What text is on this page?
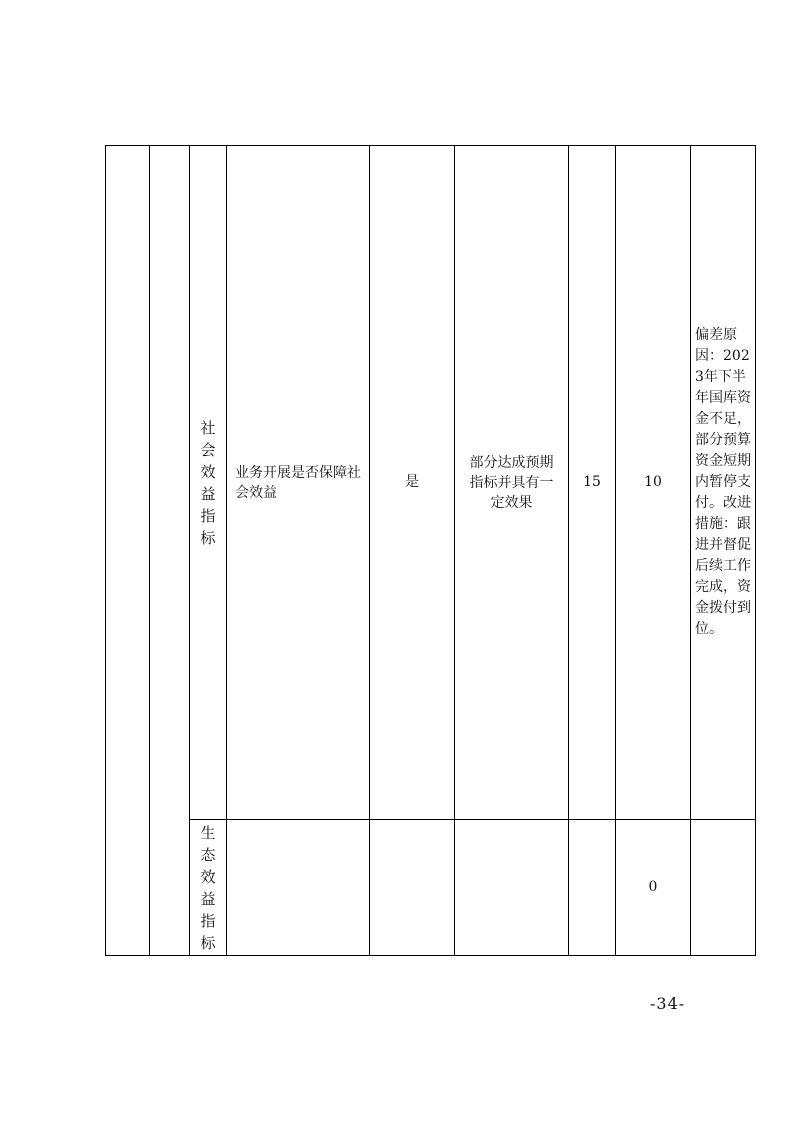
		社会效益指标	业务开展是否保障社会效益	是	部分达成预期指标并具有一定效果	15	10	偏差原因：2023年下半年国库资金不足，部分预算资金短期内暂停支付。改进措施：跟进并督促后续工作完成，资金拨付到位。

		生态效益指标					0	
-34-
